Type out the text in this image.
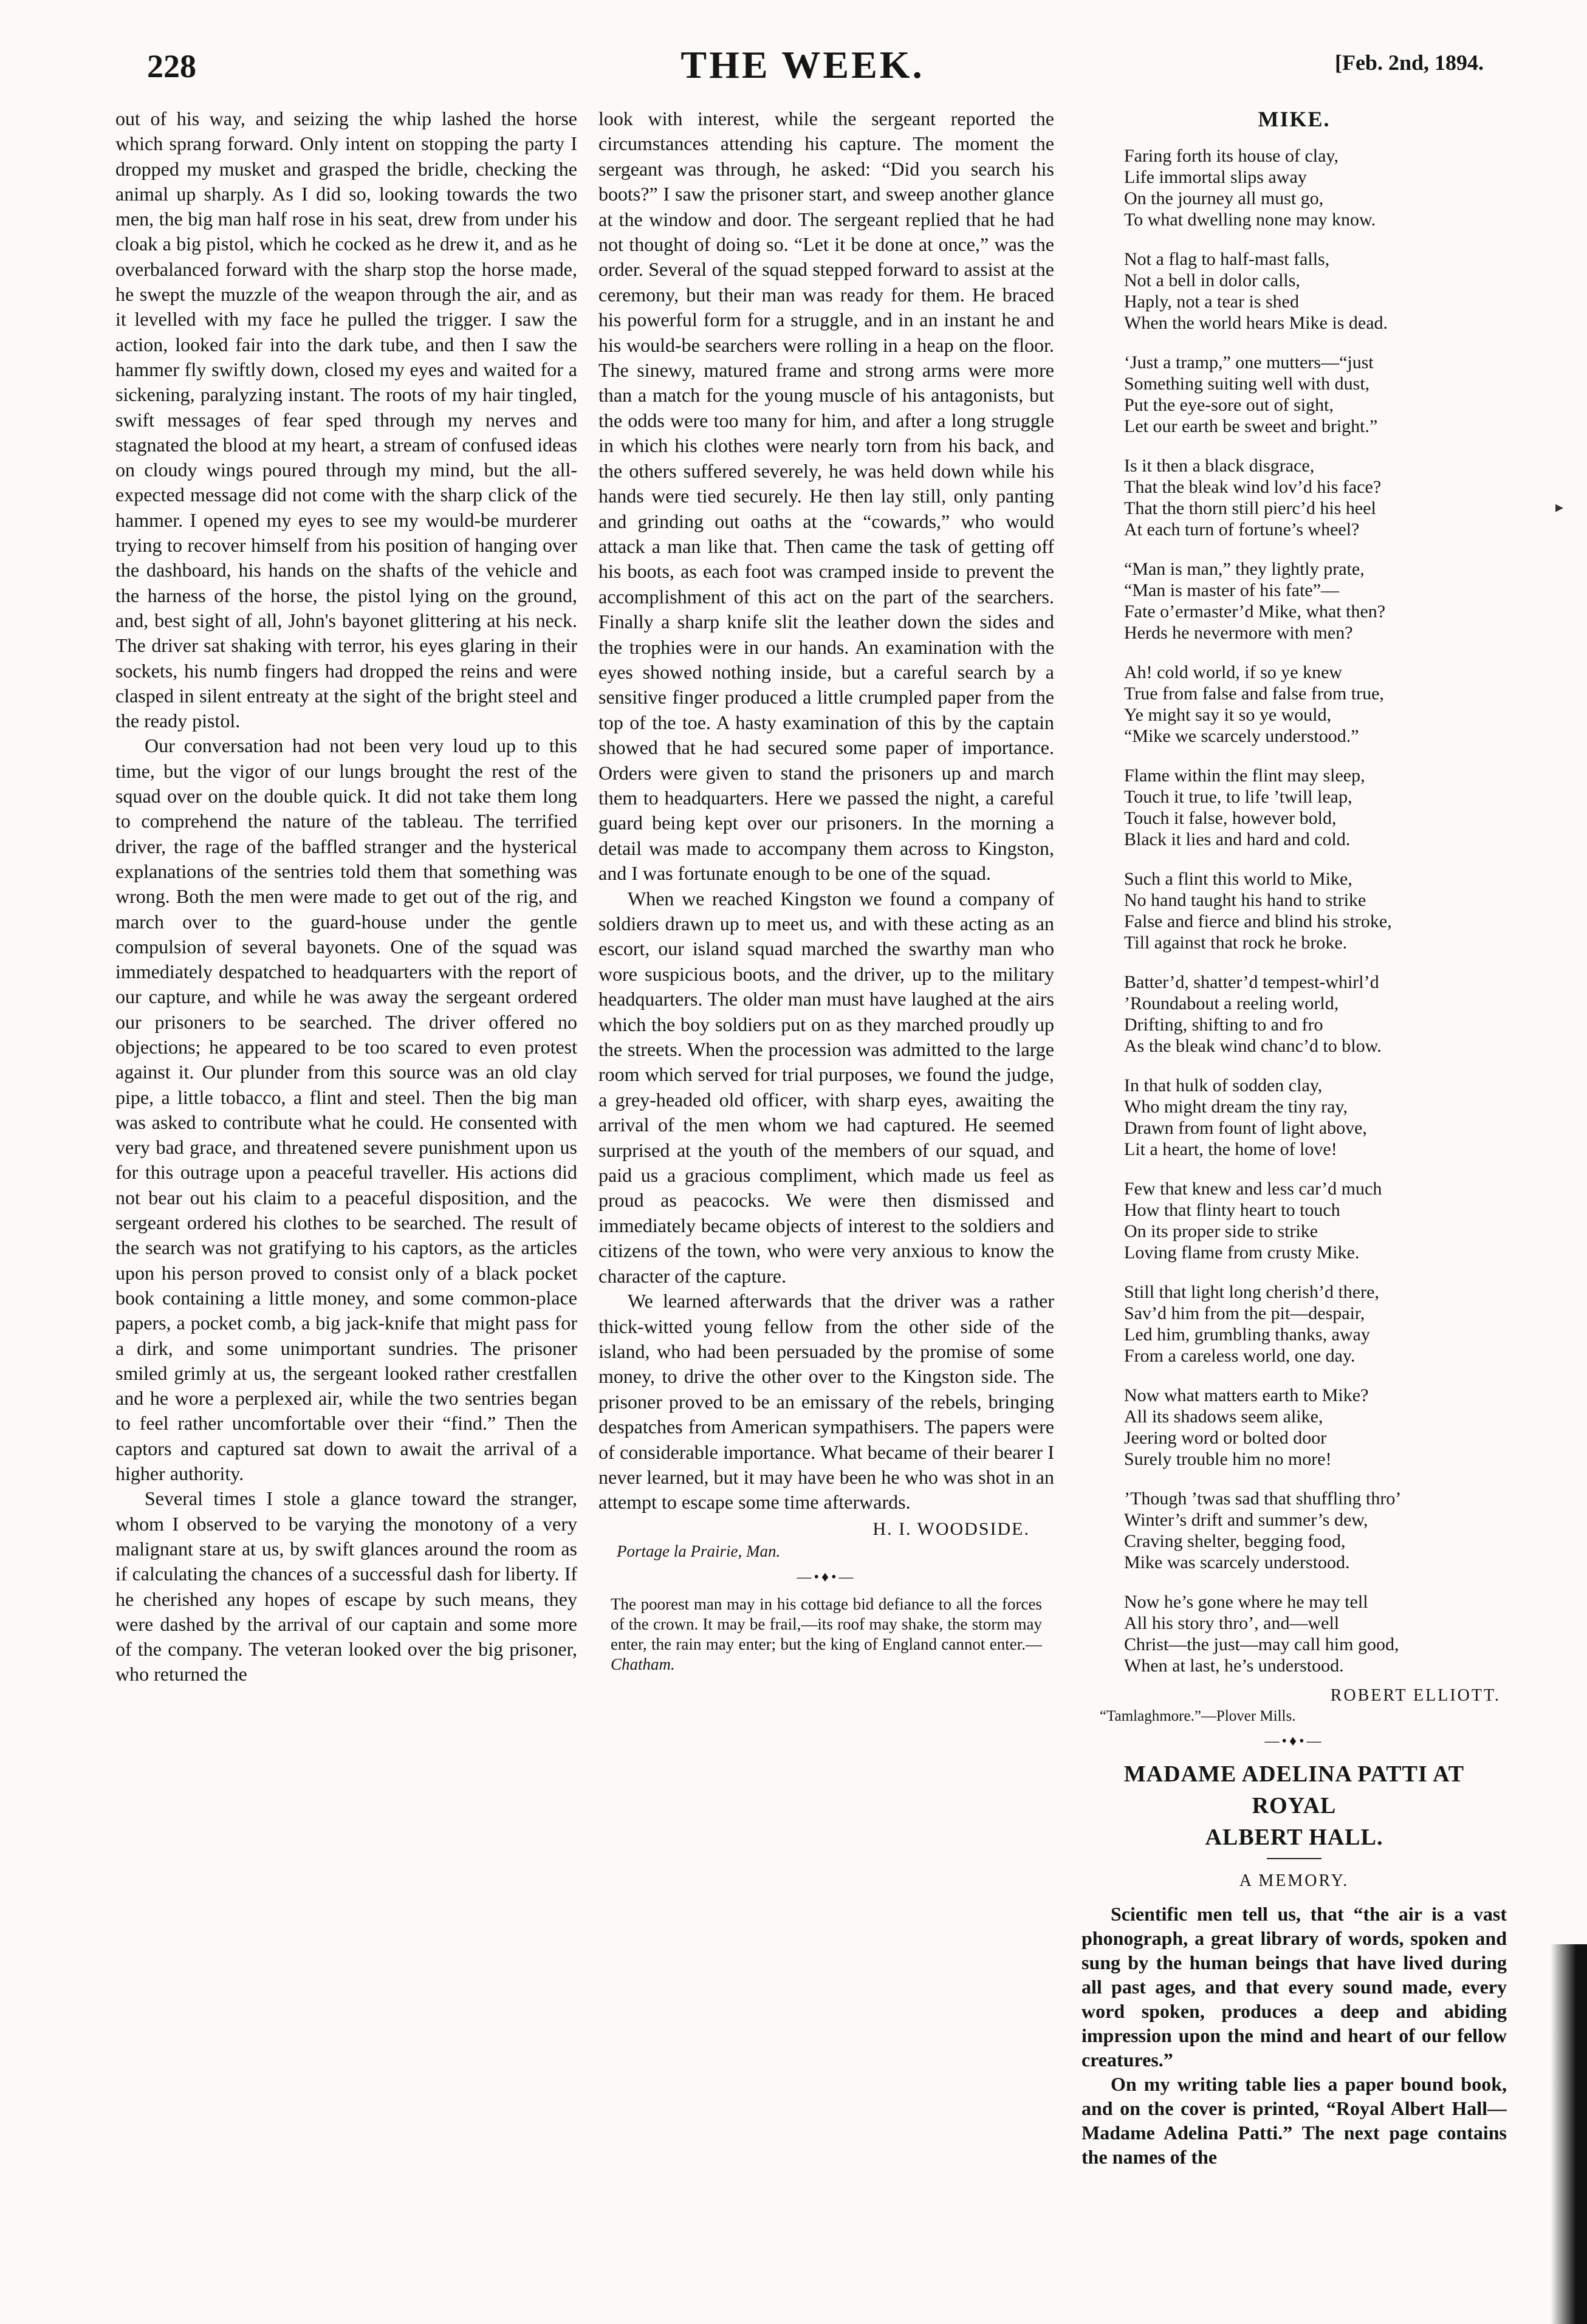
228	THE WEEK.	[Feb. 2nd, 1894.

out of his way, and seizing the whip lashed the horse which sprang forward. Only intent on stopping the party I dropped my musket and grasped the bridle, checking the animal up sharply. As I did so, looking towards the two men, the big man half rose in his seat, drew from under his cloak a big pistol, which he cocked as he drew it, and as he overbalanced forward with the sharp stop the horse made, he swept the muzzle of the weapon through the air, and as it levelled with my face he pulled the trigger. I saw the action, looked fair into the dark tube, and then I saw the hammer fly swiftly down, closed my eyes and waited for a sickening, paralyzing instant. The roots of my hair tingled, swift messages of fear sped through my nerves and stagnated the blood at my heart, a stream of confused ideas on cloudy wings poured through my mind, but the all-expected message did not come with the sharp click of the hammer. I opened my eyes to see my would-be murderer trying to recover himself from his position of hanging over the dashboard, his hands on the shafts of the vehicle and the harness of the horse, the pistol lying on the ground, and, best sight of all, John's bayonet glittering at his neck. The driver sat shaking with terror, his eyes glaring in their sockets, his numb fingers had dropped the reins and were clasped in silent entreaty at the sight of the bright steel and the ready pistol.

Our conversation had not been very loud up to this time, but the vigor of our lungs brought the rest of the squad over on the double quick. It did not take them long to comprehend the nature of the tableau. The terrified driver, the rage of the baffled stranger and the hysterical explanations of the sentries told them that something was wrong. Both the men were made to get out of the rig, and march over to the guard-house under the gentle compulsion of several bayonets. One of the squad was immediately despatched to headquarters with the report of our capture, and while he was away the sergeant ordered our prisoners to be searched. The driver offered no objections; he appeared to be too scared to even protest against it. Our plunder from this source was an old clay pipe, a little tobacco, a flint and steel. Then the big man was asked to contribute what he could. He consented with very bad grace, and threatened severe punishment upon us for this outrage upon a peaceful traveller. His actions did not bear out his claim to a peaceful disposition, and the sergeant ordered his clothes to be searched. The result of the search was not gratifying to his captors, as the articles upon his person proved to consist only of a black pocket book containing a little money, and some common-place papers, a pocket comb, a big jack-knife that might pass for a dirk, and some unimportant sundries. The prisoner smiled grimly at us, the sergeant looked rather crestfallen and he wore a perplexed air, while the two sentries began to feel rather uncomfortable over their “find.” Then the captors and captured sat down to await the arrival of a higher authority.

Several times I stole a glance toward the stranger, whom I observed to be varying the monotony of a very malignant stare at us, by swift glances around the room as if calculating the chances of a successful dash for liberty. If he cherished any hopes of escape by such means, they were dashed by the arrival of our captain and some more of the company. The veteran looked over the big prisoner, who returned the

look with interest, while the sergeant reported the circumstances attending his capture. The moment the sergeant was through, he asked: “Did you search his boots?” I saw the prisoner start, and sweep another glance at the window and door. The sergeant replied that he had not thought of doing so. “Let it be done at once,” was the order. Several of the squad stepped forward to assist at the ceremony, but their man was ready for them. He braced his powerful form for a struggle, and in an instant he and his would-be searchers were rolling in a heap on the floor. The sinewy, matured frame and strong arms were more than a match for the young muscle of his antagonists, but the odds were too many for him, and after a long struggle in which his clothes were nearly torn from his back, and the others suffered severely, he was held down while his hands were tied securely. He then lay still, only panting and grinding out oaths at the “cowards,” who would attack a man like that. Then came the task of getting off his boots, as each foot was cramped inside to prevent the accomplishment of this act on the part of the searchers. Finally a sharp knife slit the leather down the sides and the trophies were in our hands. An examination with the eyes showed nothing inside, but a careful search by a sensitive finger produced a little crumpled paper from the top of the toe. A hasty examination of this by the captain showed that he had secured some paper of importance. Orders were given to stand the prisoners up and march them to headquarters. Here we passed the night, a careful guard being kept over our prisoners. In the morning a detail was made to accompany them across to Kingston, and I was fortunate enough to be one of the squad.

When we reached Kingston we found a company of soldiers drawn up to meet us, and with these acting as an escort, our island squad marched the swarthy man who wore suspicious boots, and the driver, up to the military headquarters. The older man must have laughed at the airs which the boy soldiers put on as they marched proudly up the streets. When the procession was admitted to the large room which served for trial purposes, we found the judge, a grey-headed old officer, with sharp eyes, awaiting the arrival of the men whom we had captured. He seemed surprised at the youth of the members of our squad, and paid us a gracious compliment, which made us feel as proud as peacocks. We were then dismissed and immediately became objects of interest to the soldiers and citizens of the town, who were very anxious to know the character of the capture.

We learned afterwards that the driver was a rather thick-witted young fellow from the other side of the island, who had been persuaded by the promise of some money, to drive the other over to the Kingston side. The prisoner proved to be an emissary of the rebels, bringing despatches from American sympathisers. The papers were of considerable importance. What became of their bearer I never learned, but it may have been he who was shot in an attempt to escape some time afterwards.

H. I. WOODSIDE.
Portage la Prairie, Man.
—•♦•—
The poorest man may in his cottage bid defiance to all the forces of the crown. It may be frail,—its roof may shake, the storm may enter, the rain may enter; but the king of England cannot enter.—Chatham.
MIKE.
Faring forth its house of clay,
Life immortal slips away
On the journey all must go,
To what dwelling none may know.
Not a flag to half-mast falls,
Not a bell in dolor calls,
Haply, not a tear is shed
When the world hears Mike is dead.
‘Just a tramp,” one mutters—“just
Something suiting well with dust,
Put the eye-sore out of sight,
Let our earth be sweet and bright.”
Is it then a black disgrace,
That the bleak wind lov’d his face?
That the thorn still pierc’d his heel
At each turn of fortune’s wheel?
“Man is man,” they lightly prate,
“Man is master of his fate”—
Fate o’ermaster’d Mike, what then?
Herds he nevermore with men?
Ah! cold world, if so ye knew
True from false and false from true,
Ye might say it so ye would,
“Mike we scarcely understood.”
Flame within the flint may sleep,
Touch it true, to life ’twill leap,
Touch it false, however bold,
Black it lies and hard and cold.
Such a flint this world to Mike,
No hand taught his hand to strike
False and fierce and blind his stroke,
Till against that rock he broke.
Batter’d, shatter’d tempest-whirl’d
’Roundabout a reeling world,
Drifting, shifting to and fro
As the bleak wind chanc’d to blow.
In that hulk of sodden clay,
Who might dream the tiny ray,
Drawn from fount of light above,
Lit a heart, the home of love!
Few that knew and less car’d much
How that flinty heart to touch
On its proper side to strike
Loving flame from crusty Mike.
Still that light long cherish’d there,
Sav’d him from the pit—despair,
Led him, grumbling thanks, away
From a careless world, one day.
Now what matters earth to Mike?
All its shadows seem alike,
Jeering word or bolted door
Surely trouble him no more!
’Though ’twas sad that shuffling thro’
Winter’s drift and summer’s dew,
Craving shelter, begging food,
Mike was scarcely understood.
Now he’s gone where he may tell
All his story thro’, and—well
Christ—the just—may call him good,
When at last, he’s understood.
ROBERT ELLIOTT.
“Tamlaghmore.”—Plover Mills.
—•♦•—
MADAME ADELINA PATTI AT ROYAL
ALBERT HALL.
A MEMORY.

Scientific men tell us, that “the air is a vast phonograph, a great library of words, spoken and sung by the human beings that have lived during all past ages, and that every sound made, every word spoken, produces a deep and abiding impression upon the mind and heart of our fellow creatures.”

On my writing table lies a paper bound book, and on the cover is printed, “Royal Albert Hall—Madame Adelina Patti.” The next page contains the names of the

▸
